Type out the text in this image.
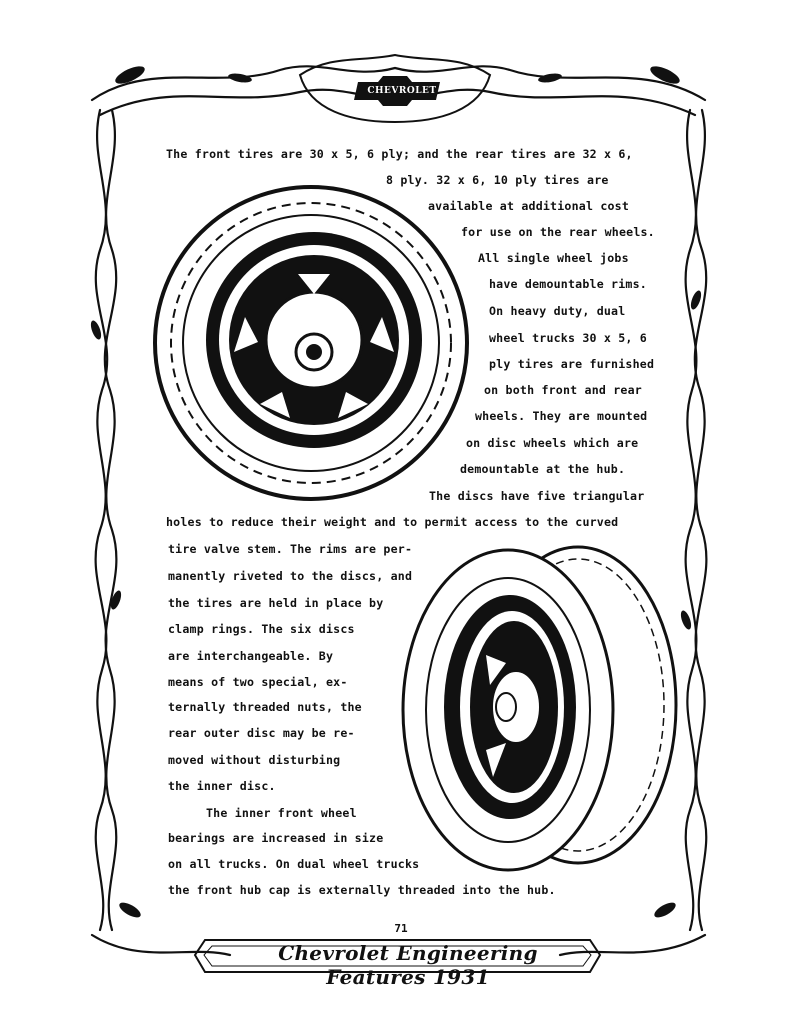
CHEVROLET
The front tires are 30 x 5, 6 ply; and the rear tires are 32 x 6,
8 ply. 32 x 6, 10 ply tires are
available at additional cost
for use on the rear wheels.
All single wheel jobs
have demountable rims.
On heavy duty, dual
wheel trucks 30 x 5, 6
ply tires are furnished
on both front and rear
wheels. They are mounted
on disc wheels which are
demountable at the hub.
The discs have five triangular
holes to reduce their weight and to permit access to the curved
tire valve stem. The rims are per-
manently riveted to the discs, and
the tires are held in place by
clamp rings. The six discs
are interchangeable. By
means of two special, ex-
ternally threaded nuts, the
rear outer disc may be re-
moved without disturbing
the inner disc.
The inner front wheel
bearings are increased in size
on all trucks. On dual wheel trucks
the front hub cap is externally threaded into the hub.
71
Chevrolet Engineering Features 1931
